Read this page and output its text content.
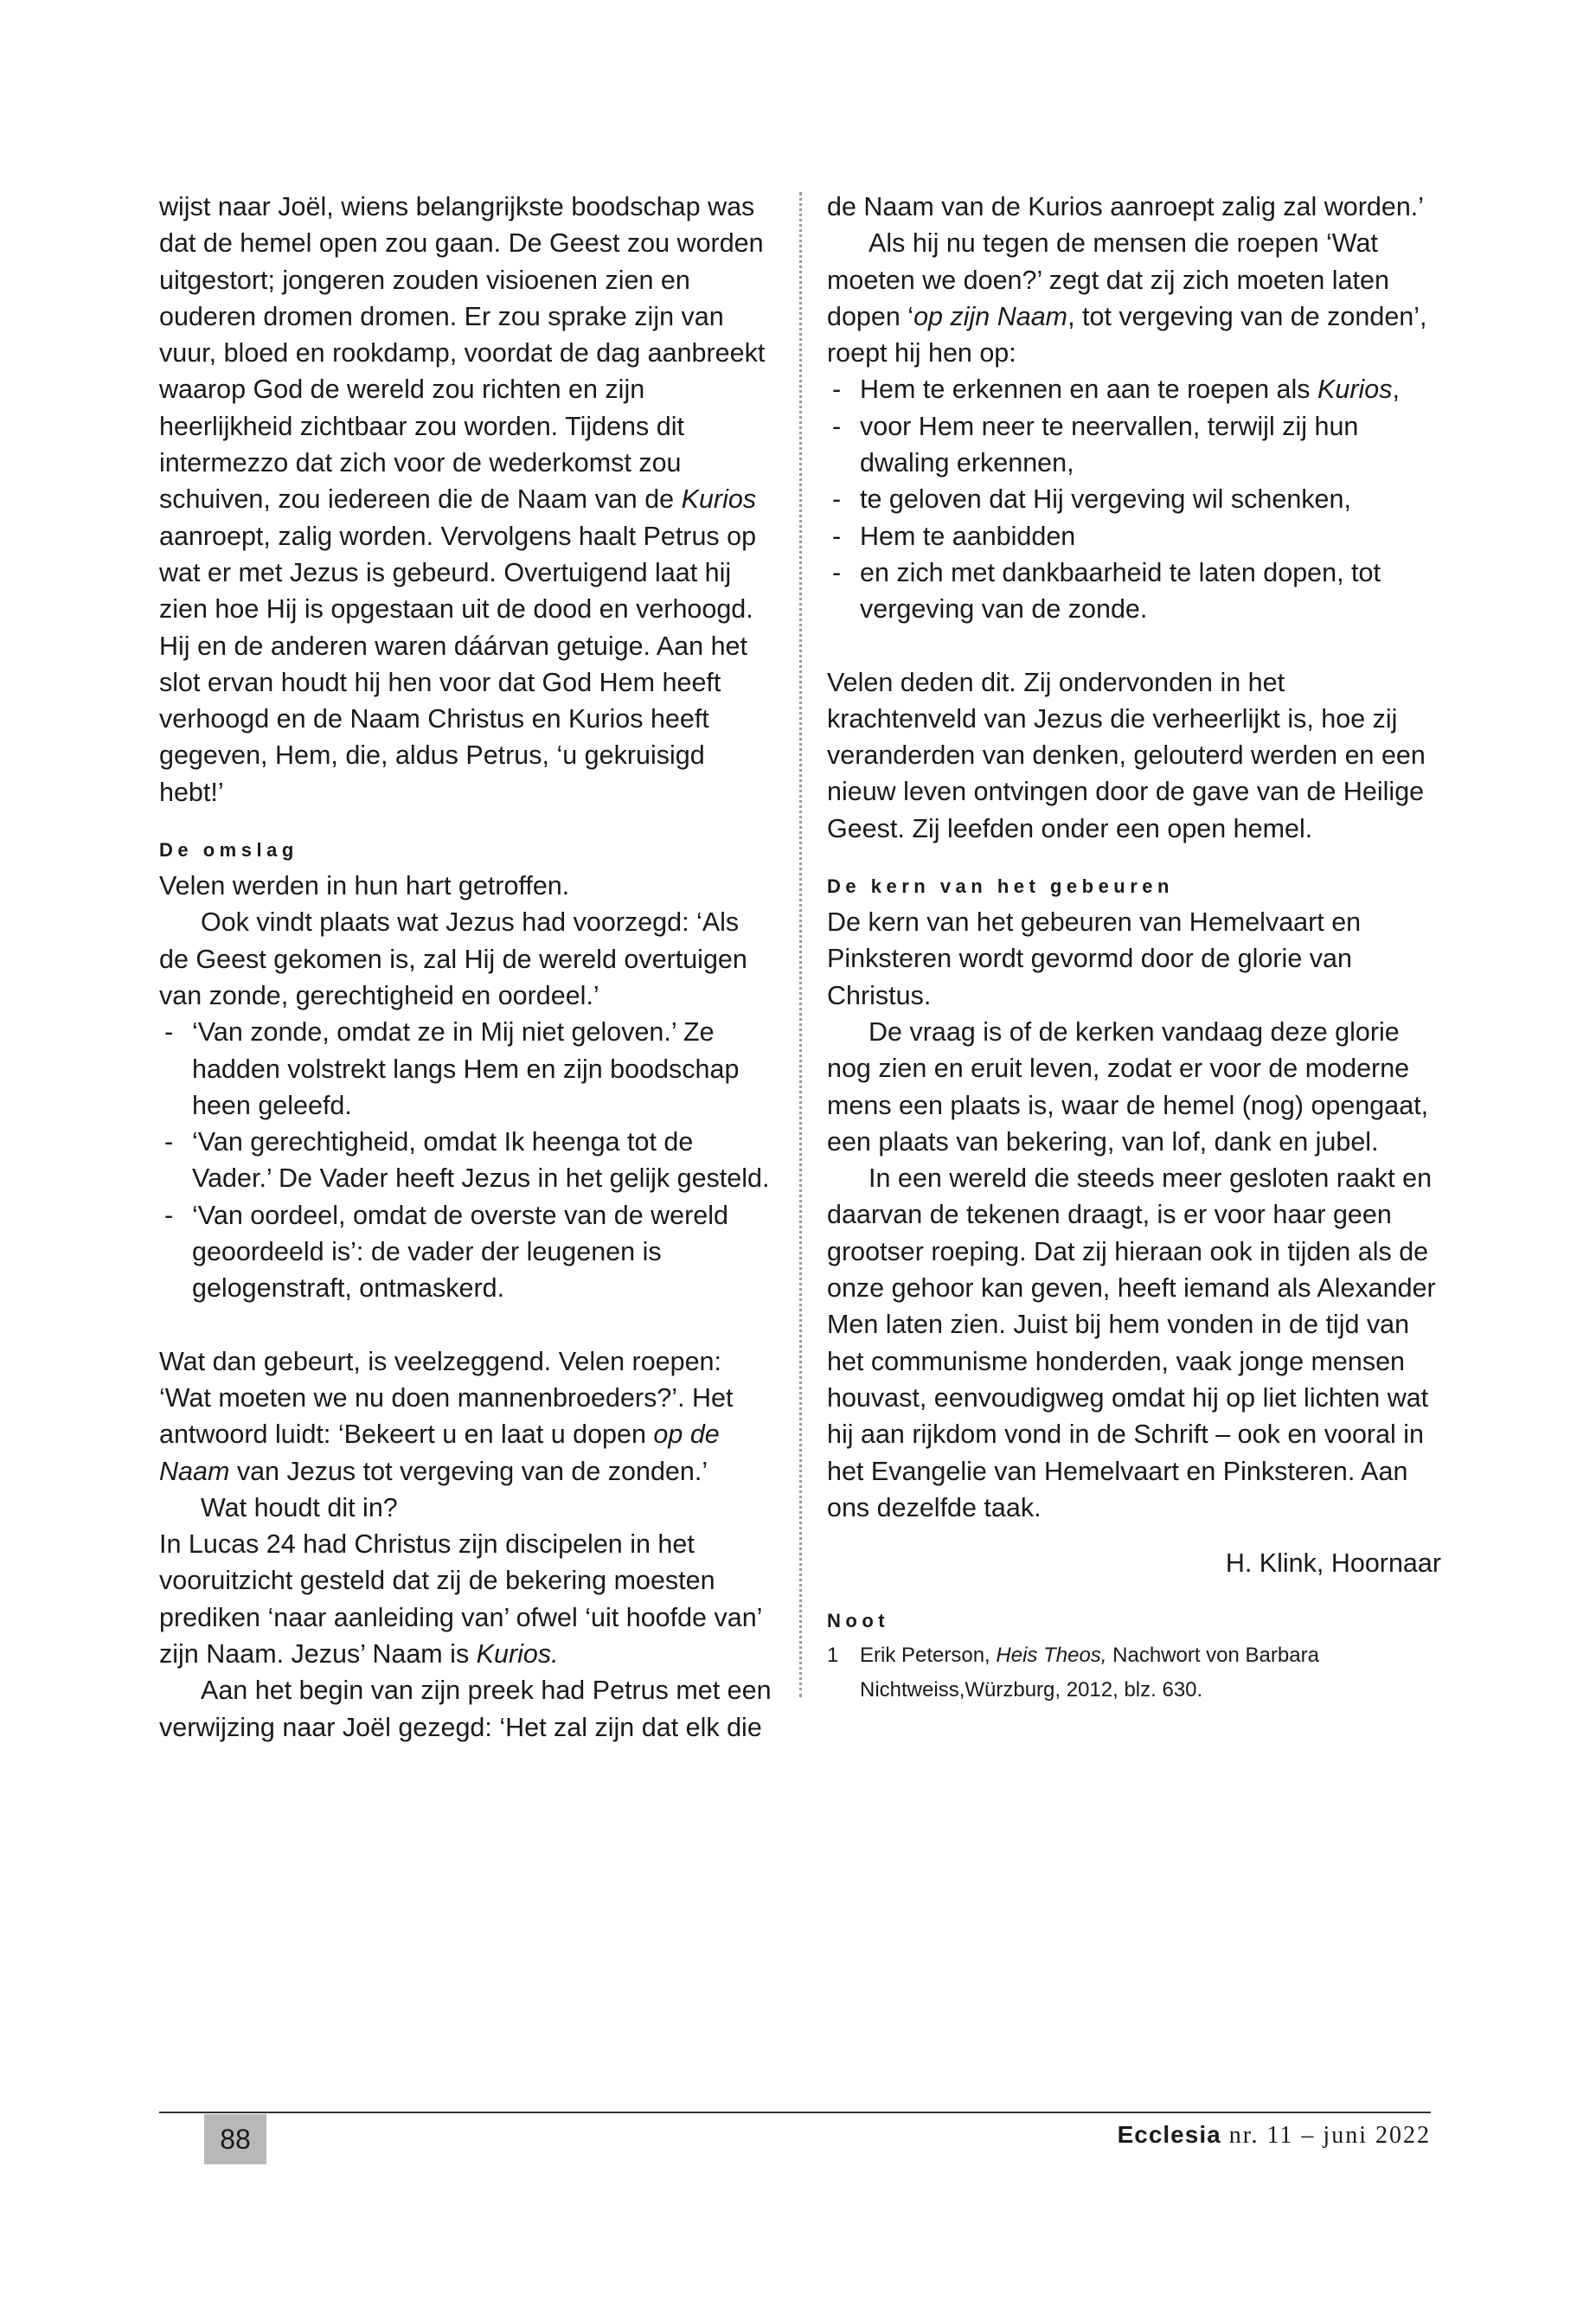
wijst naar Joël, wiens belangrijkste boodschap was dat de hemel open zou gaan. De Geest zou worden uitgestort; jongeren zouden visioenen zien en ouderen dromen dromen. Er zou sprake zijn van vuur, bloed en rookdamp, voordat de dag aanbreekt waarop God de wereld zou richten en zijn heerlijkheid zichtbaar zou worden. Tijdens dit intermezzo dat zich voor de wederkomst zou schuiven, zou iedereen die de Naam van de Kurios aanroept, zalig worden. Vervolgens haalt Petrus op wat er met Jezus is gebeurd. Overtuigend laat hij zien hoe Hij is opgestaan uit de dood en verhoogd. Hij en de anderen waren dáárvan getuige. Aan het slot ervan houdt hij hen voor dat God Hem heeft verhoogd en de Naam Christus en Kurios heeft gegeven, Hem, die, aldus Petrus, ‘u gekruisigd hebt!’

De omslag

Velen werden in hun hart getroffen.

Ook vindt plaats wat Jezus had voorzegd: ‘Als de Geest gekomen is, zal Hij de wereld overtuigen van zonde, gerechtigheid en oordeel.’

- ‘Van zonde, omdat ze in Mij niet geloven.’ Ze hadden volstrekt langs Hem en zijn boodschap heen geleefd.
- ‘Van gerechtigheid, omdat Ik heenga tot de Vader.’ De Vader heeft Jezus in het gelijk gesteld.
- ‘Van oordeel, omdat de overste van de wereld geoordeeld is’: de vader der leugenen is gelogenstraft, ontmaskerd.

Wat dan gebeurt, is veelzeggend. Velen roepen: ‘Wat moeten we nu doen mannenbroeders?’. Het antwoord luidt: ‘Bekeert u en laat u dopen op de Naam van Jezus tot vergeving van de zonden.’

Wat houdt dit in?

In Lucas 24 had Christus zijn discipelen in het vooruitzicht gesteld dat zij de bekering moesten prediken ‘naar aanleiding van’ ofwel ‘uit hoofde van’ zijn Naam. Jezus’ Naam is Kurios.

Aan het begin van zijn preek had Petrus met een verwijzing naar Joël gezegd: ‘Het zal zijn dat elk die

de Naam van de Kurios aanroept zalig zal worden.’

Als hij nu tegen de mensen die roepen ‘Wat moeten we doen?’ zegt dat zij zich moeten laten dopen ‘op zijn Naam, tot vergeving van de zonden’, roept hij hen op:

- Hem te erkennen en aan te roepen als Kurios,
- voor Hem neer te neervallen, terwijl zij hun dwaling erkennen,
- te geloven dat Hij vergeving wil schenken,
- Hem te aanbidden
- en zich met dankbaarheid te laten dopen, tot vergeving van de zonde.

Velen deden dit. Zij ondervonden in het krachtenveld van Jezus die verheerlijkt is, hoe zij veranderden van denken, gelouterd werden en een nieuw leven ontvingen door de gave van de Heilige Geest. Zij leefden onder een open hemel.

De kern van het gebeuren

De kern van het gebeuren van Hemelvaart en Pinksteren wordt gevormd door de glorie van Christus.

De vraag is of de kerken vandaag deze glorie nog zien en eruit leven, zodat er voor de moderne mens een plaats is, waar de hemel (nog) opengaat, een plaats van bekering, van lof, dank en jubel.

In een wereld die steeds meer gesloten raakt en daarvan de tekenen draagt, is er voor haar geen grootser roeping. Dat zij hieraan ook in tijden als de onze gehoor kan geven, heeft iemand als Alexander Men laten zien. Juist bij hem vonden in de tijd van het communisme honderden, vaak jonge mensen houvast, eenvoudigweg omdat hij op liet lichten wat hij aan rijkdom vond in de Schrift – ook en vooral in het Evangelie van Hemelvaart en Pinksteren. Aan ons dezelfde taak.

H. Klink, Hoornaar

Noot
1 Erik Peterson, Heis Theos, Nachwort von Barbara Nichtweiss,Würzburg, 2012, blz. 630.
88	Ecclesia nr. 11 – juni 2022
